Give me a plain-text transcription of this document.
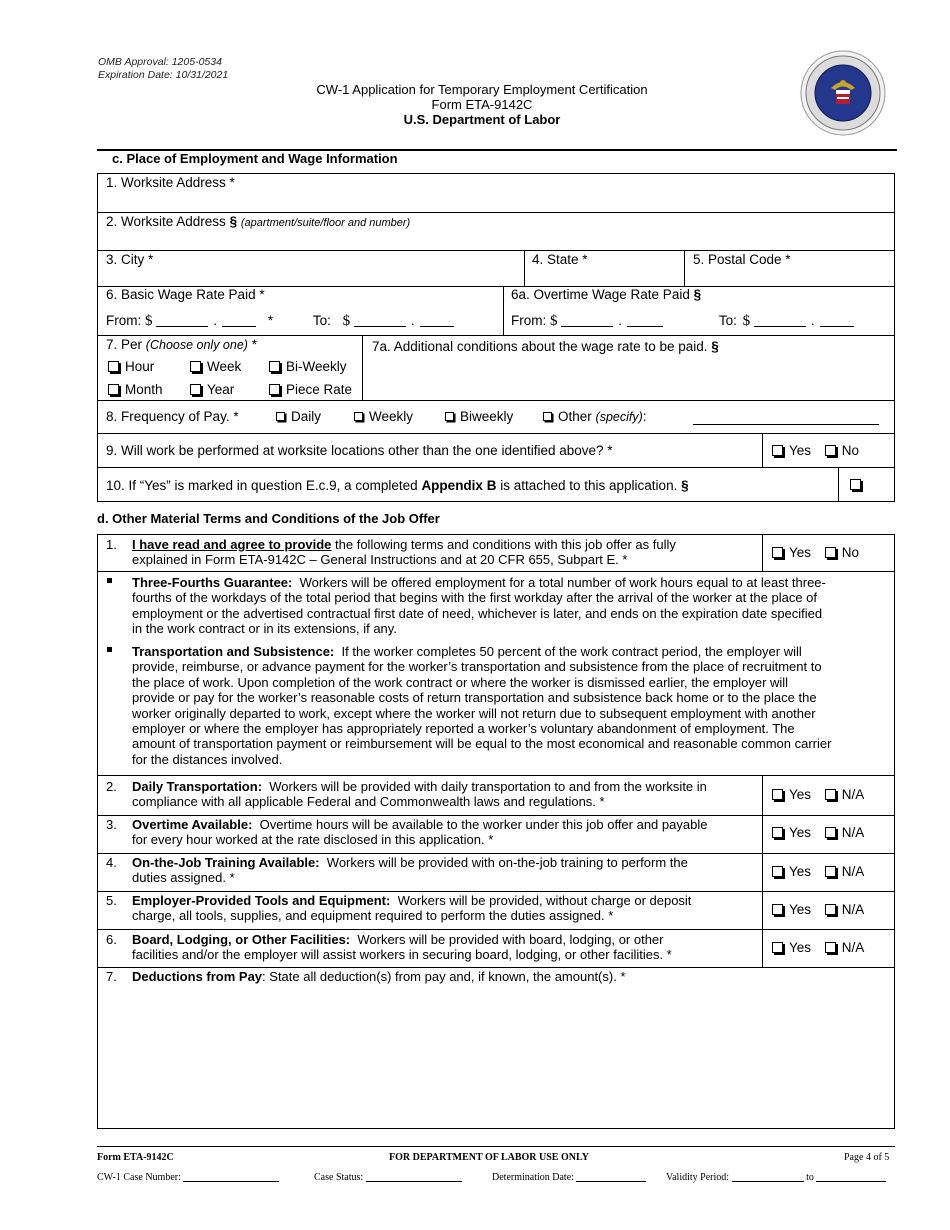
OMB Approval: 1205-0534
Expiration Date: 10/31/2021
CW-1 Application for Temporary Employment Certification
Form ETA-9142C
U.S. Department of Labor
c. Place of Employment and Wage Information
1. Worksite Address *
2. Worksite Address § (apartment/suite/floor and number)
3. City *	4. State *	5. Postal Code *
6. Basic Wage Rate Paid *
From: $	.	*	To: $	.
6a. Overtime Wage Rate Paid §
From: $	.	To: $	.
7. Per (Choose only one) *
Hour	Week	Bi-Weekly
Month	Year	Piece Rate
7a. Additional conditions about the wage rate to be paid. §
8. Frequency of Pay. *	Daily	Weekly	Biweekly	Other (specify):
9. Will work be performed at worksite locations other than the one identified above? *	Yes No
10. If “Yes” is marked in question E.c.9, a completed Appendix B is attached to this application. §
d. Other Material Terms and Conditions of the Job Offer
1. I have read and agree to provide the following terms and conditions with this job offer as fully
explained in Form ETA-9142C – General Instructions and at 20 CFR 655, Subpart E. *	Yes No
Three-Fourths Guarantee: Workers will be offered employment for a total number of work hours equal to at least three-
fourths of the workdays of the total period that begins with the first workday after the arrival of the worker at the place of
employment or the advertised contractual first date of need, whichever is later, and ends on the expiration date specified
in the work contract or in its extensions, if any.
Transportation and Subsistence: If the worker completes 50 percent of the work contract period, the employer will
provide, reimburse, or advance payment for the worker’s transportation and subsistence from the place of recruitment to
the place of work. Upon completion of the work contract or where the worker is dismissed earlier, the employer will
provide or pay for the worker’s reasonable costs of return transportation and subsistence back home or to the place the
worker originally departed to work, except where the worker will not return due to subsequent employment with another
employer or where the employer has appropriately reported a worker’s voluntary abandonment of employment. The
amount of transportation payment or reimbursement will be equal to the most economical and reasonable common carrier
for the distances involved.
2. Daily Transportation: Workers will be provided with daily transportation to and from the worksite in
compliance with all applicable Federal and Commonwealth laws and regulations. *	Yes N/A
3. Overtime Available: Overtime hours will be available to the worker under this job offer and payable
for every hour worked at the rate disclosed in this application. *	Yes N/A
4. On-the-Job Training Available: Workers will be provided with on-the-job training to perform the
duties assigned. *	Yes N/A
5. Employer-Provided Tools and Equipment: Workers will be provided, without charge or deposit
charge, all tools, supplies, and equipment required to perform the duties assigned. *	Yes N/A
6. Board, Lodging, or Other Facilities: Workers will be provided with board, lodging, or other
facilities and/or the employer will assist workers in securing board, lodging, or other facilities. *	Yes N/A
7. Deductions from Pay: State all deduction(s) from pay and, if known, the amount(s). *
Form ETA-9142C	FOR DEPARTMENT OF LABOR USE ONLY	Page 4 of 5
CW-1 Case Number:	Case Status:	Determination Date:	Validity Period:	to
